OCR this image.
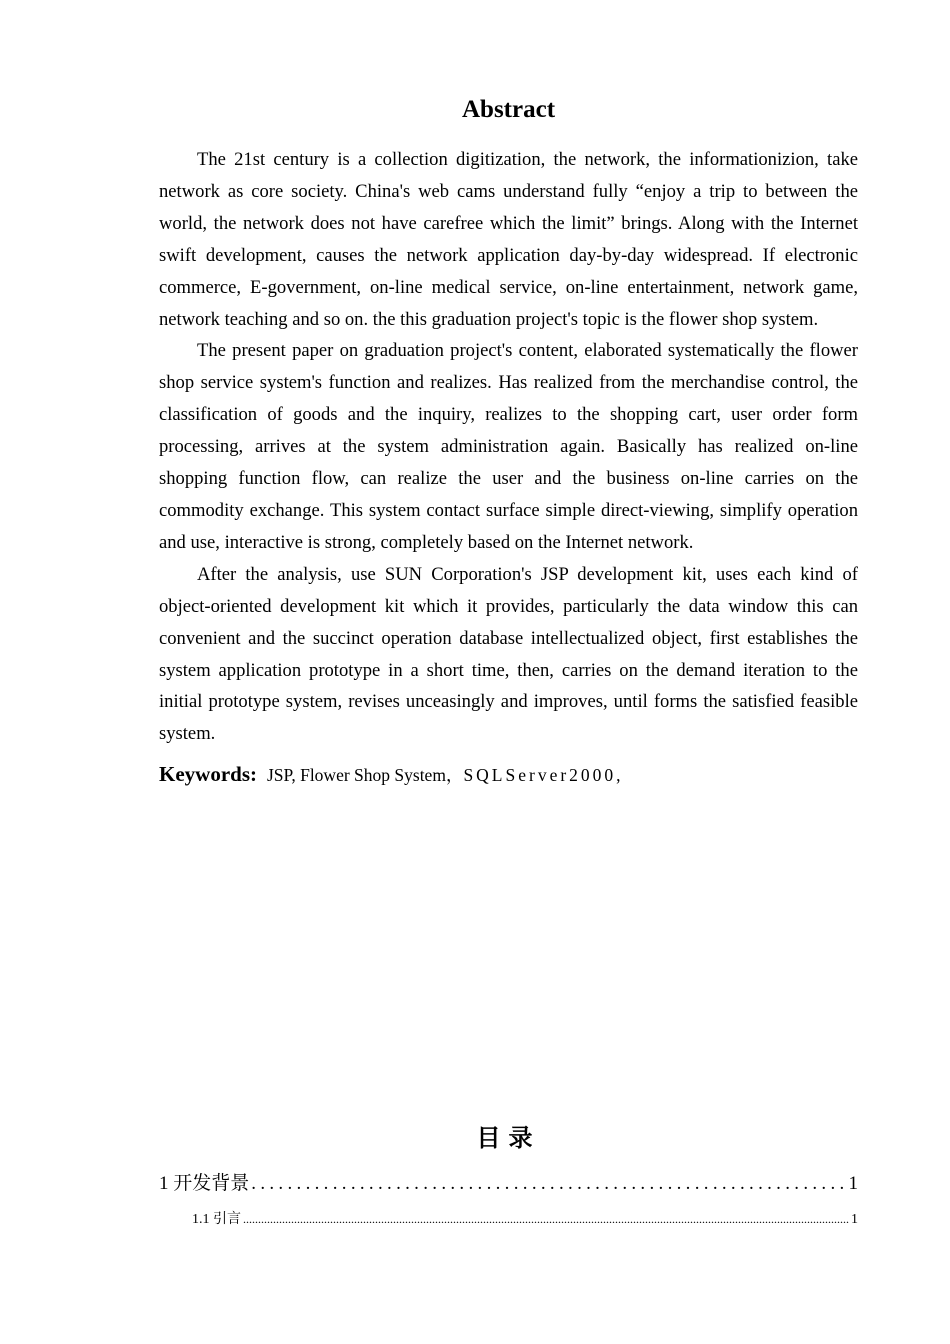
Abstract

The 21st century is a collection digitization, the network, the informationizion, take network as core society. China's web cams understand fully “enjoy a trip to between the world, the network does not have carefree which the limit” brings. Along with the Internet swift development, causes the network application day-by-day widespread. If electronic commerce, E-government, on-line medical service, on-line entertainment, network game, network teaching and so on. the this graduation project's topic is the flower shop system.

The present paper on graduation project's content, elaborated systematically the flower shop service system's function and realizes. Has realized from the merchandise control, the classification of goods and the inquiry, realizes to the shopping cart, user order form processing, arrives at the system administration again. Basically has realized on-line shopping function flow, can realize the user and the business on-line carries on the commodity exchange. This system contact surface simple direct-viewing, simplify operation and use, interactive is strong, completely based on the Internet network.

After the analysis, use SUN Corporation's JSP development kit, uses each kind of object-oriented development kit which it provides, particularly the data window this can convenient and the succinct operation database intellectualized object, first establishes the system application prototype in a short time, then, carries on the demand iteration to the initial prototype system, revises unceasingly and improves, until forms the satisfied feasible system.

Keywords: JSP, Flower Shop System，SQLServer2000,
目录
1 开发背景 .....	1
1.1 引言 .....	1
